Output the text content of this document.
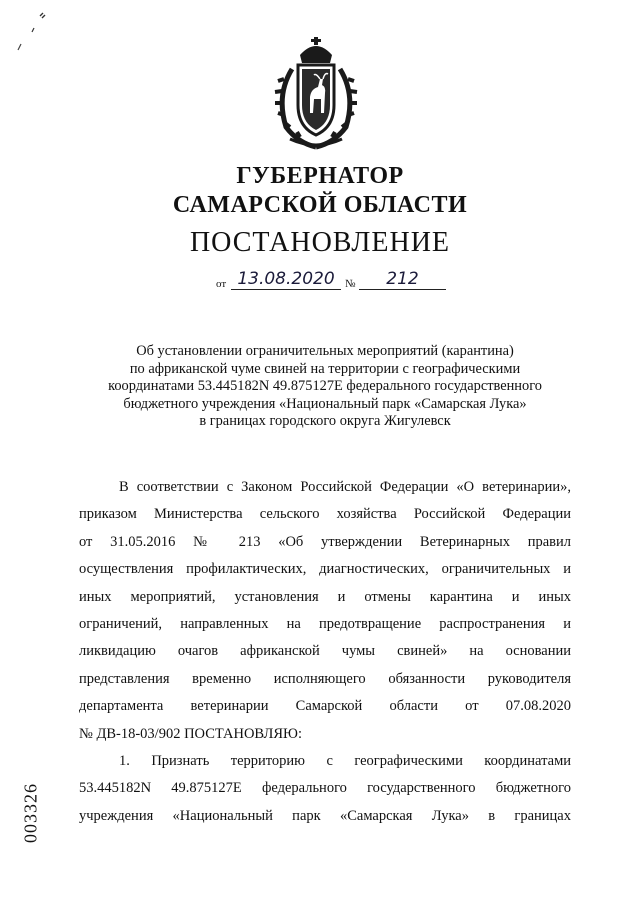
ГУБЕРНАТОР
САМАРСКОЙ ОБЛАСТИ
ПОСТАНОВЛЕНИЕ
от 13.08.2020 №	212
Об установлении ограничительных мероприятий (карантина)
по африканской чуме свиней на территории с географическими
координатами 53.445182N 49.875127E федерального государственного
бюджетного учреждения «Национальный парк «Самарская Лука»
в границах городского округа Жигулевск
В соответствии с Законом Российской Федерации «О ветеринарии»,
приказом Министерства сельского хозяйства Российской Федерации
от 31.05.2016 № 213 «Об утверждении Ветеринарных правил
осуществления профилактических, диагностических, ограничительных и
иных мероприятий, установления и отмены карантина и иных
ограничений, направленных на предотвращение распространения и
ликвидацию очагов африканской чумы свиней» на основании
представления временно исполняющего обязанности руководителя
департамента ветеринарии Самарской области от 07.08.2020
№ ДВ-18-03/902 ПОСТАНОВЛЯЮ:
1. Признать территорию с географическими координатами
53.445182N 49.875127E федерального государственного бюджетного
учреждения «Национальный парк «Самарская Лука» в границах
003326
